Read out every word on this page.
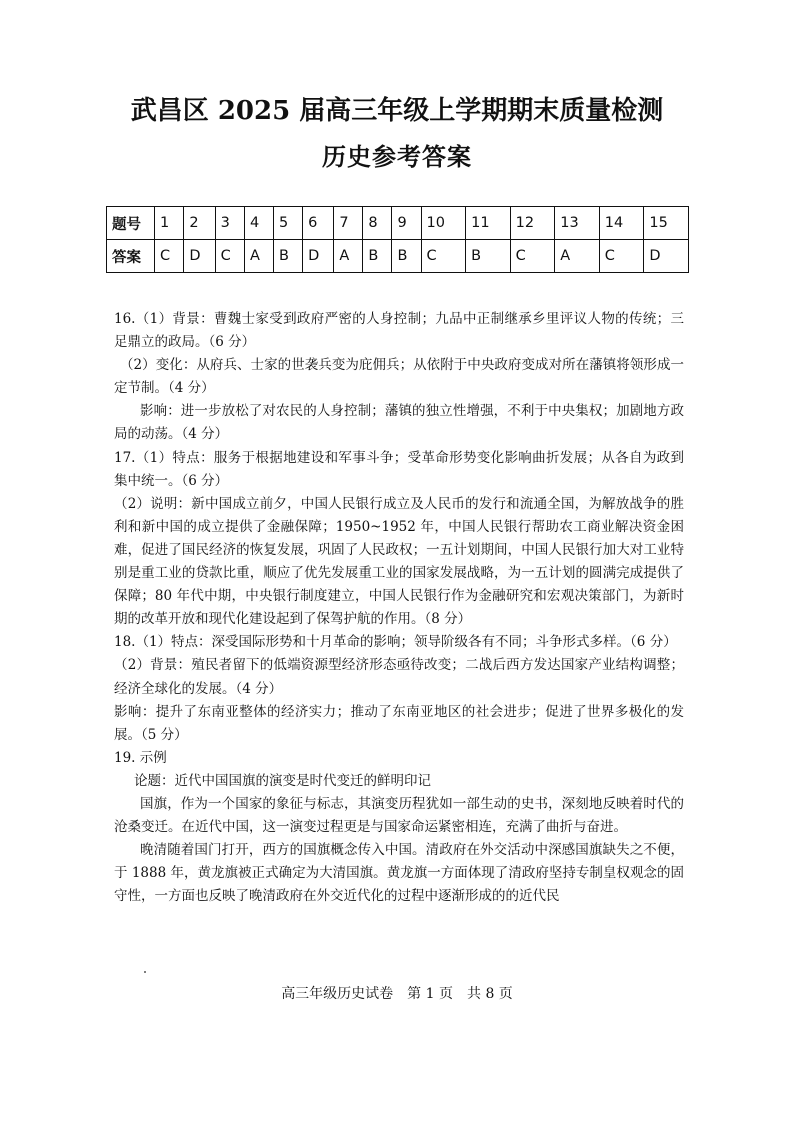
武昌区 2025 届高三年级上学期期末质量检测
历史参考答案
题号	1	2	3	4	5	6	7	8	9	10	11	12	13	14	15
答案	C	D	C	A	B	D	A	B	B	C	B	C	A	C	D

16.（1）背景：曹魏士家受到政府严密的人身控制；九品中正制继承乡里评议人物的传统；三足鼎立的政局。（6 分）

（2）变化：从府兵、士家的世袭兵变为庇佣兵；从依附于中央政府变成对所在藩镇将领形成一定节制。（4 分）

影响：进一步放松了对农民的人身控制；藩镇的独立性增强，不利于中央集权；加剧地方政局的动荡。（4 分）

17.（1）特点：服务于根据地建设和军事斗争；受革命形势变化影响曲折发展；从各自为政到集中统一。（6 分）

（2）说明：新中国成立前夕，中国人民银行成立及人民币的发行和流通全国，为解放战争的胜利和新中国的成立提供了金融保障；1950~1952 年，中国人民银行帮助农工商业解决资金困难，促进了国民经济的恢复发展，巩固了人民政权；一五计划期间，中国人民银行加大对工业特别是重工业的贷款比重，顺应了优先发展重工业的国家发展战略，为一五计划的圆满完成提供了保障；80 年代中期，中央银行制度建立，中国人民银行作为金融研究和宏观决策部门，为新时期的改革开放和现代化建设起到了保驾护航的作用。（8 分）

18.（1）特点：深受国际形势和十月革命的影响；领导阶级各有不同；斗争形式多样。（6 分）

（2）背景：殖民者留下的低端资源型经济形态亟待改变；二战后西方发达国家产业结构调整；经济全球化的发展。（4 分）

影响：提升了东南亚整体的经济实力；推动了东南亚地区的社会进步；促进了世界多极化的发展。（5 分）

19. 示例

论题：近代中国国旗的演变是时代变迁的鲜明印记

国旗，作为一个国家的象征与标志，其演变历程犹如一部生动的史书，深刻地反映着时代的沧桑变迁。在近代中国，这一演变过程更是与国家命运紧密相连，充满了曲折与奋进。

晚清随着国门打开，西方的国旗概念传入中国。清政府在外交活动中深感国旗缺失之不便，于 1888 年，黄龙旗被正式确定为大清国旗。黄龙旗一方面体现了清政府坚持专制皇权观念的固守性，一方面也反映了晚清政府在外交近代化的过程中逐渐形成的的近代民

高三年级历史试卷　第 1 页　共 8 页
